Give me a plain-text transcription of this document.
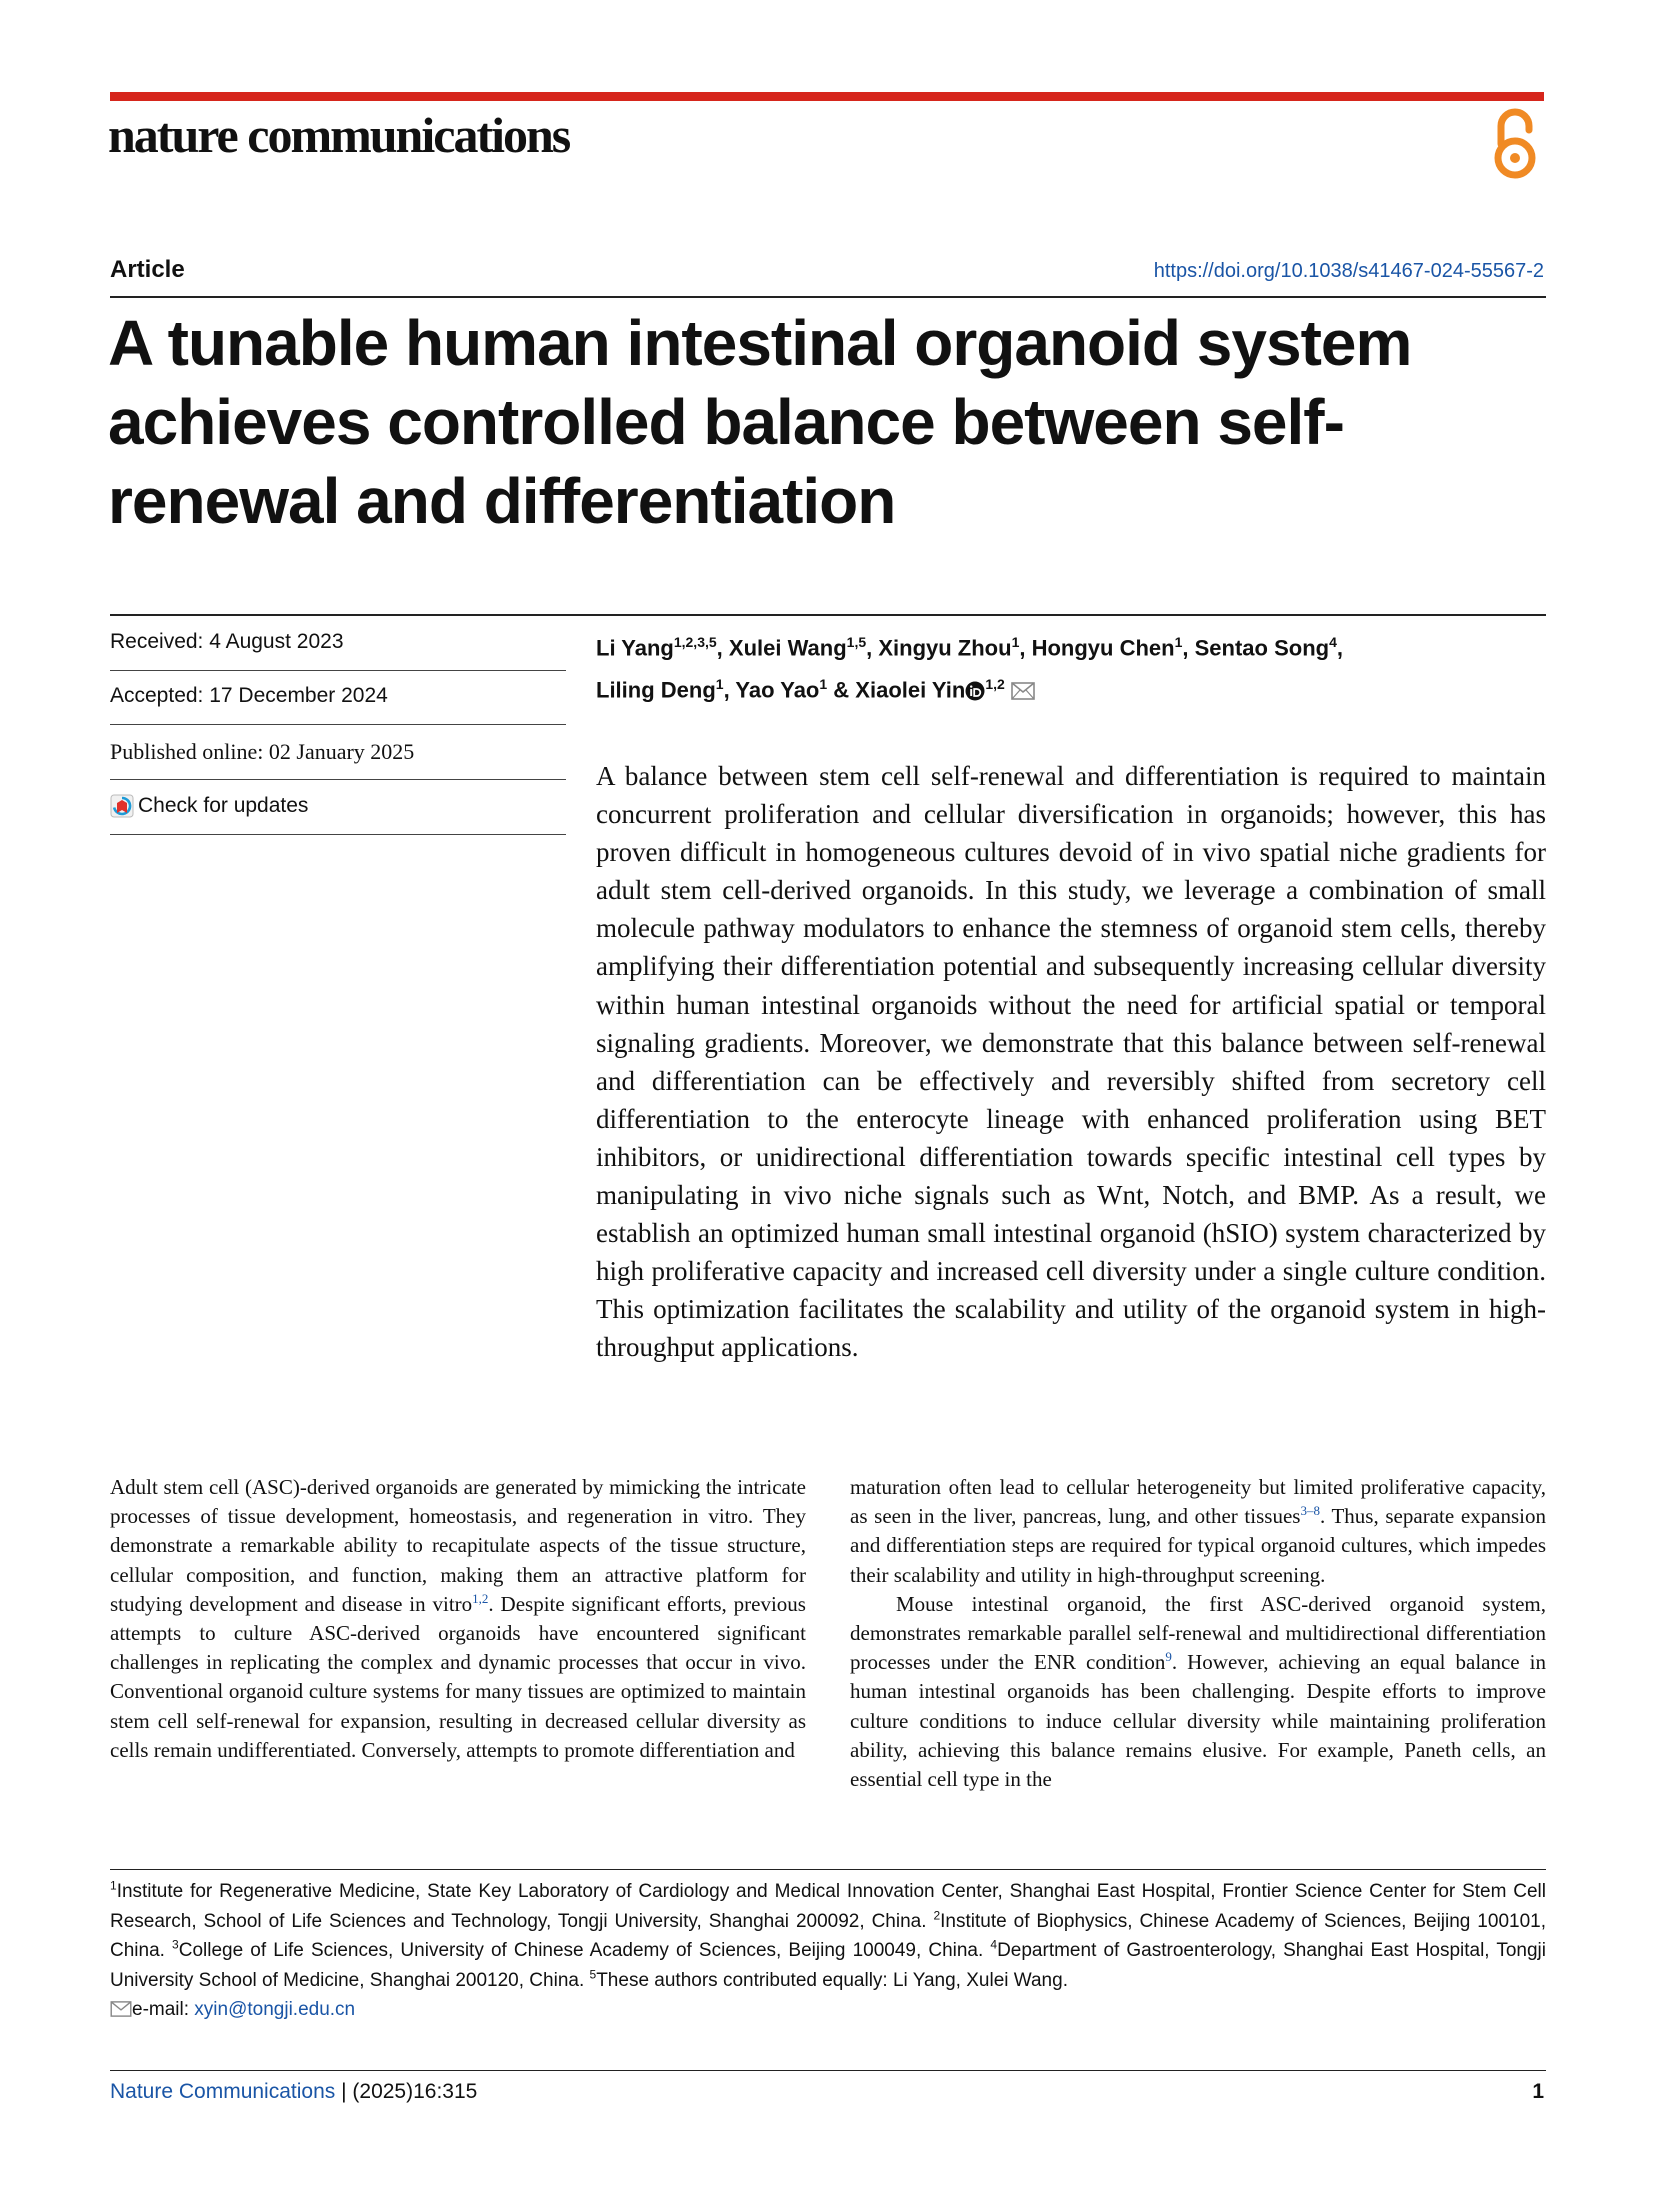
nature communications
Article	https://doi.org/10.1038/s41467-024-55567-2
A tunable human intestinal organoid system achieves controlled balance between self-renewal and differentiation
Received: 4 August 2023
Accepted: 17 December 2024
Published online: 02 January 2025
Check for updates

Li Yang$^{1,2,3,5}$, Xulei Wang$^{1,5}$, Xingyu Zhou$^1$, Hongyu Chen$^1$, Sentao Song$^4$,
Liling Deng$^1$, Yao Yao$^1$ & Xiaolei Yin $^{1,2}$

A balance between stem cell self-renewal and differentiation is required to maintain concurrent proliferation and cellular diversification in organoids; however, this has proven difficult in homogeneous cultures devoid of in vivo spatial niche gradients for adult stem cell-derived organoids. In this study, we leverage a combination of small molecule pathway modulators to enhance the stemness of organoid stem cells, thereby amplifying their differentiation potential and subsequently increasing cellular diversity within human intestinal organoids without the need for artificial spatial or temporal signaling gradients. Moreover, we demonstrate that this balance between self-renewal and differentiation can be effectively and reversibly shifted from secretory cell differentiation to the enterocyte lineage with enhanced proliferation using BET inhibitors, or unidirectional differentiation towards specific intestinal cell types by manipulating in vivo niche signals such as Wnt, Notch, and BMP. As a result, we establish an optimized human small intestinal organoid (hSIO) system characterized by high proliferative capacity and increased cell diversity under a single culture condition. This optimization facilitates the scalability and utility of the organoid system in high-throughput applications.

Adult stem cell (ASC)-derived organoids are generated by mimicking the intricate processes of tissue development, homeostasis, and regeneration in vitro. They demonstrate a remarkable ability to recapitulate aspects of the tissue structure, cellular composition, and function, making them an attractive platform for studying development and disease in vitro$^{1,2}$. Despite significant efforts, previous attempts to culture ASC-derived organoids have encountered significant challenges in replicating the complex and dynamic processes that occur in vivo. Conventional organoid culture systems for many tissues are optimized to maintain stem cell self-renewal for expansion, resulting in decreased cellular diversity as cells remain undifferentiated. Conversely, attempts to promote differentiation and

maturation often lead to cellular heterogeneity but limited proliferative capacity, as seen in the liver, pancreas, lung, and other tissues$^{3-8}$. Thus, separate expansion and differentiation steps are required for typical organoid cultures, which impedes their scalability and utility in high-throughput screening.

Mouse intestinal organoid, the first ASC-derived organoid system, demonstrates remarkable parallel self-renewal and multidirectional differentiation processes under the ENR condition$^9$. However, achieving an equal balance in human intestinal organoids has been challenging. Despite efforts to improve culture conditions to induce cellular diversity while maintaining proliferation ability, achieving this balance remains elusive. For example, Paneth cells, an essential cell type in the

$^1$Institute for Regenerative Medicine, State Key Laboratory of Cardiology and Medical Innovation Center, Shanghai East Hospital, Frontier Science Center for Stem Cell Research, School of Life Sciences and Technology, Tongji University, Shanghai 200092, China. $^2$Institute of Biophysics, Chinese Academy of Sciences, Beijing 100101, China. $^3$College of Life Sciences, University of Chinese Academy of Sciences, Beijing 100049, China. $^4$Department of Gastroenterology, Shanghai East Hospital, Tongji University School of Medicine, Shanghai 200120, China. $^5$These authors contributed equally: Li Yang, Xulei Wang.
e-mail: xyin@tongji.edu.cn

Nature Communications | (2025)16:315	1
